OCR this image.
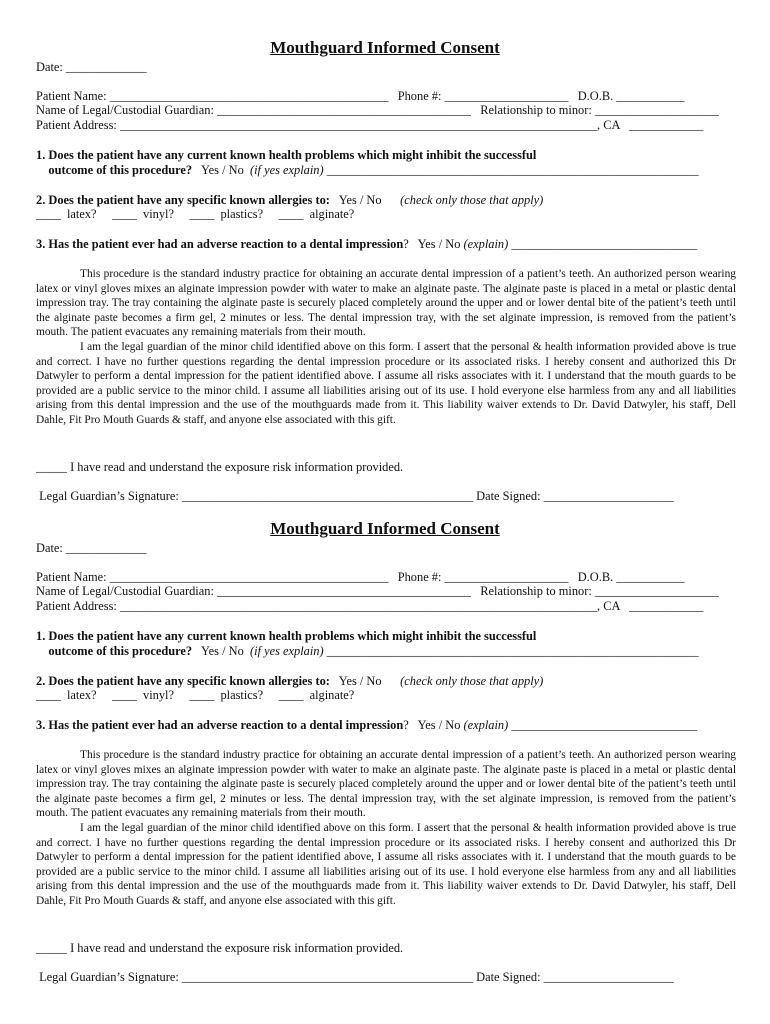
Mouthguard Informed Consent
Date: _____________
Patient Name: _____________________________________________   Phone #: ____________________   D.O.B. ___________
Name of Legal/Custodial Guardian: _________________________________________   Relationship to minor: ____________________
Patient Address: _____________________________________________________________________________, CA   ____________
1. Does the patient have any current known health problems which might inhibit the successful
outcome of this procedure?   Yes / No  (if yes explain) ____________________________________________________________
2. Does the patient have any specific known allergies to:   Yes / No      (check only those that apply)
____  latex?     ____  vinyl?     ____  plastics?     ____  alginate?
3. Has the patient ever had an adverse reaction to a dental impression?   Yes / No (explain) ______________________________

This procedure is the standard industry practice for obtaining an accurate dental impression of a patient’s teeth. An authorized person wearing latex or vinyl gloves mixes an alginate impression powder with water to make an alginate paste. The alginate paste is placed in a metal or plastic dental impression tray. The tray containing the alginate paste is securely placed completely around the upper and or lower dental bite of the patient’s teeth until the alginate paste becomes a firm gel, 2 minutes or less. The dental impression tray, with the set alginate impression, is removed from the patient’s mouth. The patient evacuates any remaining materials from their mouth.

I am the legal guardian of the minor child identified above on this form. I assert that the personal & health information provided above is true and correct. I have no further questions regarding the dental impression procedure or its associated risks. I hereby consent and authorized this Dr Datwyler to perform a dental impression for the patient identified above. I assume all risks associates with it. I understand that the mouth guards to be provided are a public service to the minor child. I assume all liabilities arising out of its use. I hold everyone else harmless from any and all liabilities arising from this dental impression and the use of the mouthguards made from it. This liability waiver extends to Dr. David Datwyler, his staff, Dell Dahle, Fit Pro Mouth Guards & staff, and anyone else associated with this gift.

_____ I have read and understand the exposure risk information provided.
Legal Guardian’s Signature: _______________________________________________ Date Signed: _____________________
Mouthguard Informed Consent
Date: _____________
Patient Name: _____________________________________________   Phone #: ____________________   D.O.B. ___________
Name of Legal/Custodial Guardian: _________________________________________   Relationship to minor: ____________________
Patient Address: _____________________________________________________________________________, CA   ____________
1. Does the patient have any current known health problems which might inhibit the successful
outcome of this procedure?   Yes / No  (if yes explain) ____________________________________________________________
2. Does the patient have any specific known allergies to:   Yes / No      (check only those that apply)
____  latex?     ____  vinyl?     ____  plastics?     ____  alginate?
3. Has the patient ever had an adverse reaction to a dental impression?   Yes / No (explain) ______________________________

This procedure is the standard industry practice for obtaining an accurate dental impression of a patient’s teeth. An authorized person wearing latex or vinyl gloves mixes an alginate impression powder with water to make an alginate paste. The alginate paste is placed in a metal or plastic dental impression tray. The tray containing the alginate paste is securely placed completely around the upper and or lower dental bite of the patient’s teeth until the alginate paste becomes a firm gel, 2 minutes or less. The dental impression tray, with the set alginate impression, is removed from the patient’s mouth. The patient evacuates any remaining materials from their mouth.

I am the legal guardian of the minor child identified above on this form. I assert that the personal & health information provided above is true and correct. I have no further questions regarding the dental impression procedure or its associated risks. I hereby consent and authorized this Dr Datwyler to perform a dental impression for the patient identified above, I assume all risks associates with it. I understand that the mouth guards to be provided are a public service to the minor child. I assume all liabilities arising out of its use. I hold everyone else harmless from any and all liabilities arising from this dental impression and the use of the mouthguards made from it. This liability waiver extends to Dr. David Datwyler, his staff, Dell Dahle, Fit Pro Mouth Guards & staff, and anyone else associated with this gift.

_____ I have read and understand the exposure risk information provided.
Legal Guardian’s Signature: _______________________________________________ Date Signed: _____________________
